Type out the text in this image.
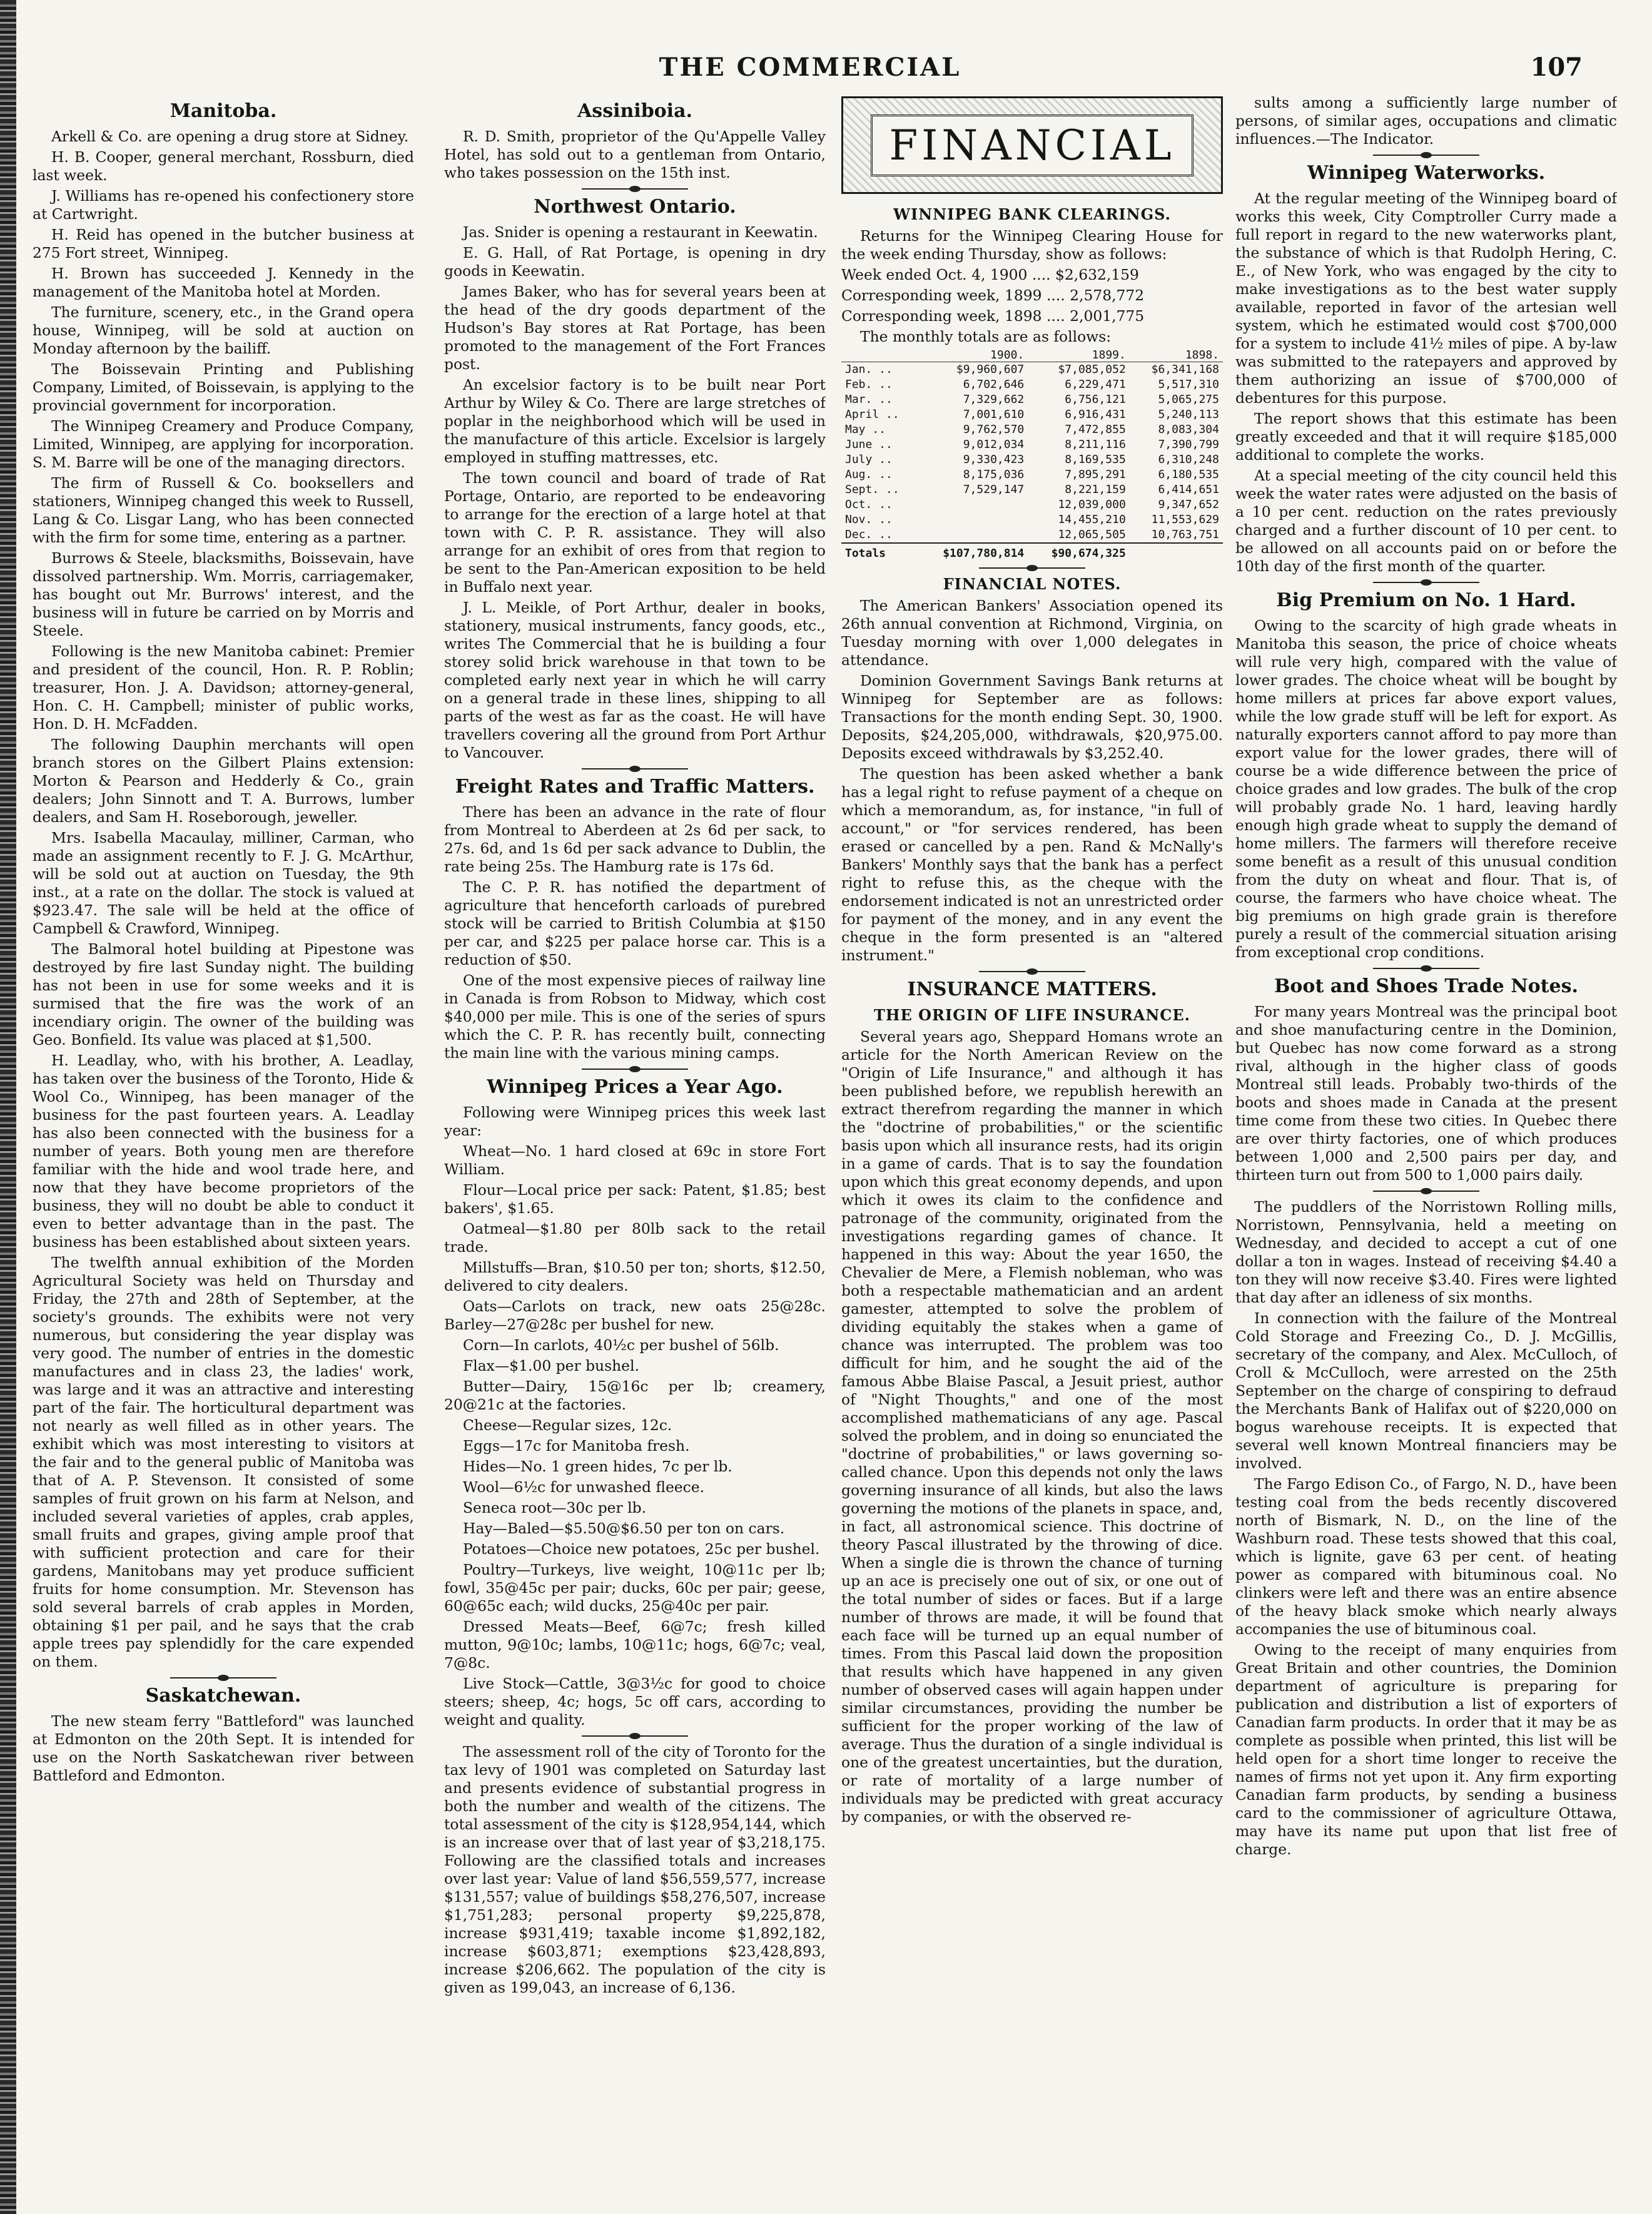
THE COMMERCIAL	107
Manitoba.

Arkell & Co. are opening a drug store at Sidney.

H. B. Cooper, general merchant, Rossburn, died last week.

J. Williams has re-opened his confectionery store at Cartwright.

H. Reid has opened in the butcher business at 275 Fort street, Winnipeg.

H. Brown has succeeded J. Kennedy in the management of the Manitoba hotel at Morden.

The furniture, scenery, etc., in the Grand opera house, Winnipeg, will be sold at auction on Monday afternoon by the bailiff.

The Boissevain Printing and Publishing Company, Limited, of Boissevain, is applying to the provincial government for incorporation.

The Winnipeg Creamery and Produce Company, Limited, Winnipeg, are applying for incorporation. S. M. Barre will be one of the managing directors.

The firm of Russell & Co. booksellers and stationers, Winnipeg changed this week to Russell, Lang & Co. Lisgar Lang, who has been connected with the firm for some time, entering as a partner.

Burrows & Steele, blacksmiths, Boissevain, have dissolved partnership. Wm. Morris, carriagemaker, has bought out Mr. Burrows' interest, and the business will in future be carried on by Morris and Steele.

Following is the new Manitoba cabinet: Premier and president of the council, Hon. R. P. Roblin; treasurer, Hon. J. A. Davidson; attorney-general, Hon. C. H. Campbell; minister of public works, Hon. D. H. McFadden.

The following Dauphin merchants will open branch stores on the Gilbert Plains extension: Morton & Pearson and Hedderly & Co., grain dealers; John Sinnott and T. A. Burrows, lumber dealers, and Sam H. Roseborough, jeweller.

Mrs. Isabella Macaulay, milliner, Carman, who made an assignment recently to F. J. G. McArthur, will be sold out at auction on Tuesday, the 9th inst., at a rate on the dollar. The stock is valued at $923.47. The sale will be held at the office of Campbell & Crawford, Winnipeg.

The Balmoral hotel building at Pipestone was destroyed by fire last Sunday night. The building has not been in use for some weeks and it is surmised that the fire was the work of an incendiary origin. The owner of the building was Geo. Bonfield. Its value was placed at $1,500.

H. Leadlay, who, with his brother, A. Leadlay, has taken over the business of the Toronto, Hide & Wool Co., Winnipeg, has been manager of the business for the past fourteen years. A. Leadlay has also been connected with the business for a number of years. Both young men are therefore familiar with the hide and wool trade here, and now that they have become proprietors of the business, they will no doubt be able to conduct it even to better advantage than in the past. The business has been established about sixteen years.

The twelfth annual exhibition of the Morden Agricultural Society was held on Thursday and Friday, the 27th and 28th of September, at the society's grounds. The exhibits were not very numerous, but considering the year display was very good. The number of entries in the domestic manufactures and in class 23, the ladies' work, was large and it was an attractive and interesting part of the fair. The horticultural department was not nearly as well filled as in other years. The exhibit which was most interesting to visitors at the fair and to the general public of Manitoba was that of A. P. Stevenson. It consisted of some samples of fruit grown on his farm at Nelson, and included several varieties of apples, crab apples, small fruits and grapes, giving ample proof that with sufficient protection and care for their gardens, Manitobans may yet produce sufficient fruits for home consumption. Mr. Stevenson has sold several barrels of crab apples in Morden, obtaining $1 per pail, and he says that the crab apple trees pay splendidly for the care expended on them.

Saskatchewan.

The new steam ferry "Battleford" was launched at Edmonton on the 20th Sept. It is intended for use on the North Saskatchewan river between Battleford and Edmonton.

Assiniboia.

R. D. Smith, proprietor of the Qu'Appelle Valley Hotel, has sold out to a gentleman from Ontario, who takes possession on the 15th inst.

Northwest Ontario.

Jas. Snider is opening a restaurant in Keewatin.

E. G. Hall, of Rat Portage, is opening in dry goods in Keewatin.

James Baker, who has for several years been at the head of the dry goods department of the Hudson's Bay stores at Rat Portage, has been promoted to the management of the Fort Frances post.

An excelsior factory is to be built near Port Arthur by Wiley & Co. There are large stretches of poplar in the neighborhood which will be used in the manufacture of this article. Excelsior is largely employed in stuffing mattresses, etc.

The town council and board of trade of Rat Portage, Ontario, are reported to be endeavoring to arrange for the erection of a large hotel at that town with C. P. R. assistance. They will also arrange for an exhibit of ores from that region to be sent to the Pan-American exposition to be held in Buffalo next year.

J. L. Meikle, of Port Arthur, dealer in books, stationery, musical instruments, fancy goods, etc., writes The Commercial that he is building a four storey solid brick warehouse in that town to be completed early next year in which he will carry on a general trade in these lines, shipping to all parts of the west as far as the coast. He will have travellers covering all the ground from Port Arthur to Vancouver.

Freight Rates and Traffic Matters.

There has been an advance in the rate of flour from Montreal to Aberdeen at 2s 6d per sack, to 27s. 6d, and 1s 6d per sack advance to Dublin, the rate being 25s. The Hamburg rate is 17s 6d.

The C. P. R. has notified the department of agriculture that henceforth carloads of purebred stock will be carried to British Columbia at $150 per car, and $225 per palace horse car. This is a reduction of $50.

One of the most expensive pieces of railway line in Canada is from Robson to Midway, which cost $40,000 per mile. This is one of the series of spurs which the C. P. R. has recently built, connecting the main line with the various mining camps.

Winnipeg Prices a Year Ago.

Following were Winnipeg prices this week last year:

Wheat—No. 1 hard closed at 69c in store Fort William.

Flour—Local price per sack: Patent, $1.85; best bakers', $1.65.

Oatmeal—$1.80 per 80lb sack to the retail trade.

Millstuffs—Bran, $10.50 per ton; shorts, $12.50, delivered to city dealers.

Oats—Carlots on track, new oats 25@28c. Barley—27@28c per bushel for new.

Corn—In carlots, 40½c per bushel of 56lb.

Flax—$1.00 per bushel.

Butter—Dairy, 15@16c per lb; creamery, 20@21c at the factories.

Cheese—Regular sizes, 12c.

Eggs—17c for Manitoba fresh.

Hides—No. 1 green hides, 7c per lb.

Wool—6½c for unwashed fleece.

Seneca root—30c per lb.

Hay—Baled—$5.50@$6.50 per ton on cars.

Potatoes—Choice new potatoes, 25c per bushel.

Poultry—Turkeys, live weight, 10@11c per lb; fowl, 35@45c per pair; ducks, 60c per pair; geese, 60@65c each; wild ducks, 25@40c per pair.

Dressed Meats—Beef, 6@7c; fresh killed mutton, 9@10c; lambs, 10@11c; hogs, 6@7c; veal, 7@8c.

Live Stock—Cattle, 3@3½c for good to choice steers; sheep, 4c; hogs, 5c off cars, according to weight and quality.

The assessment roll of the city of Toronto for the tax levy of 1901 was completed on Saturday last and presents evidence of substantial progress in both the number and wealth of the citizens. The total assessment of the city is $128,954,144, which is an increase over that of last year of $3,218,175. Following are the classified totals and increases over last year: Value of land $56,559,577, increase $131,557; value of buildings $58,276,507, increase $1,751,283; personal property $9,225,878, increase $931,419; taxable income $1,892,182, increase $603,871; exemptions $23,428,893, increase $206,662. The population of the city is given as 199,043, an increase of 6,136.

FINANCIAL
WINNIPEG BANK CLEARINGS.

Returns for the Winnipeg Clearing House for the week ending Thursday, show as follows:

Week ended Oct. 4, 1900 .... $2,632,159

Corresponding week, 1899 .... 2,578,772

Corresponding week, 1898 .... 2,001,775

The monthly totals are as follows:

	1900.	1899.	1898.
Jan. ..	$9,960,607	$7,085,052	$6,341,168
Feb. ..	6,702,646	6,229,471	5,517,310
Mar. ..	7,329,662	6,756,121	5,065,275
April ..	7,001,610	6,916,431	5,240,113
May ..	9,762,570	7,472,855	8,083,304
June ..	9,012,034	8,211,116	7,390,799
July ..	9,330,423	8,169,535	6,310,248
Aug. ..	8,175,036	7,895,291	6,180,535
Sept. ..	7,529,147	8,221,159	6,414,651
Oct. ..		12,039,000	9,347,652
Nov. ..		14,455,210	11,553,629
Dec. ..		12,065,505	10,763,751
Totals	$107,780,814	$90,674,325	
FINANCIAL NOTES.

The American Bankers' Association opened its 26th annual convention at Richmond, Virginia, on Tuesday morning with over 1,000 delegates in attendance.

Dominion Government Savings Bank returns at Winnipeg for September are as follows: Transactions for the month ending Sept. 30, 1900. Deposits, $24,205,000, withdrawals, $20,975.00. Deposits exceed withdrawals by $3,252.40.

The question has been asked whether a bank has a legal right to refuse payment of a cheque on which a memorandum, as, for instance, "in full of account," or "for services rendered, has been erased or cancelled by a pen. Rand & McNally's Bankers' Monthly says that the bank has a perfect right to refuse this, as the cheque with the endorsement indicated is not an unrestricted order for payment of the money, and in any event the cheque in the form presented is an "altered instrument."

INSURANCE MATTERS.
THE ORIGIN OF LIFE INSURANCE.

Several years ago, Sheppard Homans wrote an article for the North American Review on the "Origin of Life Insurance," and although it has been published before, we republish herewith an extract therefrom regarding the manner in which the "doctrine of probabilities," or the scientific basis upon which all insurance rests, had its origin in a game of cards. That is to say the foundation upon which this great economy depends, and upon which it owes its claim to the confidence and patronage of the community, originated from the investigations regarding games of chance. It happened in this way: About the year 1650, the Chevalier de Mere, a Flemish nobleman, who was both a respectable mathematician and an ardent gamester, attempted to solve the problem of dividing equitably the stakes when a game of chance was interrupted. The problem was too difficult for him, and he sought the aid of the famous Abbe Blaise Pascal, a Jesuit priest, author of "Night Thoughts," and one of the most accomplished mathematicians of any age. Pascal solved the problem, and in doing so enunciated the "doctrine of probabilities," or laws governing so-called chance. Upon this depends not only the laws governing insurance of all kinds, but also the laws governing the motions of the planets in space, and, in fact, all astronomical science. This doctrine of theory Pascal illustrated by the throwing of dice. When a single die is thrown the chance of turning up an ace is precisely one out of six, or one out of the total number of sides or faces. But if a large number of throws are made, it will be found that each face will be turned up an equal number of times. From this Pascal laid down the proposition that results which have happened in any given number of observed cases will again happen under similar circumstances, providing the number be sufficient for the proper working of the law of average. Thus the duration of a single individual is one of the greatest uncertainties, but the duration, or rate of mortality of a large number of individuals may be predicted with great accuracy by companies, or with the observed re-

sults among a sufficiently large number of persons, of similar ages, occupations and climatic influences.—The Indicator.

Winnipeg Waterworks.

At the regular meeting of the Winnipeg board of works this week, City Comptroller Curry made a full report in regard to the new waterworks plant, the substance of which is that Rudolph Hering, C. E., of New York, who was engaged by the city to make investigations as to the best water supply available, reported in favor of the artesian well system, which he estimated would cost $700,000 for a system to include 41½ miles of pipe. A by-law was submitted to the ratepayers and approved by them authorizing an issue of $700,000 of debentures for this purpose.

The report shows that this estimate has been greatly exceeded and that it will require $185,000 additional to complete the works.

At a special meeting of the city council held this week the water rates were adjusted on the basis of a 10 per cent. reduction on the rates previously charged and a further discount of 10 per cent. to be allowed on all accounts paid on or before the 10th day of the first month of the quarter.

Big Premium on No. 1 Hard.

Owing to the scarcity of high grade wheats in Manitoba this season, the price of choice wheats will rule very high, compared with the value of lower grades. The choice wheat will be bought by home millers at prices far above export values, while the low grade stuff will be left for export. As naturally exporters cannot afford to pay more than export value for the lower grades, there will of course be a wide difference between the price of choice grades and low grades. The bulk of the crop will probably grade No. 1 hard, leaving hardly enough high grade wheat to supply the demand of home millers. The farmers will therefore receive some benefit as a result of this unusual condition from the duty on wheat and flour. That is, of course, the farmers who have choice wheat. The big premiums on high grade grain is therefore purely a result of the commercial situation arising from exceptional crop conditions.

Boot and Shoes Trade Notes.

For many years Montreal was the principal boot and shoe manufacturing centre in the Dominion, but Quebec has now come forward as a strong rival, although in the higher class of goods Montreal still leads. Probably two-thirds of the boots and shoes made in Canada at the present time come from these two cities. In Quebec there are over thirty factories, one of which produces between 1,000 and 2,500 pairs per day, and thirteen turn out from 500 to 1,000 pairs daily.

The puddlers of the Norristown Rolling mills, Norristown, Pennsylvania, held a meeting on Wednesday, and decided to accept a cut of one dollar a ton in wages. Instead of receiving $4.40 a ton they will now receive $3.40. Fires were lighted that day after an idleness of six months.

In connection with the failure of the Montreal Cold Storage and Freezing Co., D. J. McGillis, secretary of the company, and Alex. McCulloch, of Croll & McCulloch, were arrested on the 25th September on the charge of conspiring to defraud the Merchants Bank of Halifax out of $220,000 on bogus warehouse receipts. It is expected that several well known Montreal financiers may be involved.

The Fargo Edison Co., of Fargo, N. D., have been testing coal from the beds recently discovered north of Bismark, N. D., on the line of the Washburn road. These tests showed that this coal, which is lignite, gave 63 per cent. of heating power as compared with bituminous coal. No clinkers were left and there was an entire absence of the heavy black smoke which nearly always accompanies the use of bituminous coal.

Owing to the receipt of many enquiries from Great Britain and other countries, the Dominion department of agriculture is preparing for publication and distribution a list of exporters of Canadian farm products. In order that it may be as complete as possible when printed, this list will be held open for a short time longer to receive the names of firms not yet upon it. Any firm exporting Canadian farm products, by sending a business card to the commissioner of agriculture Ottawa, may have its name put upon that list free of charge.
